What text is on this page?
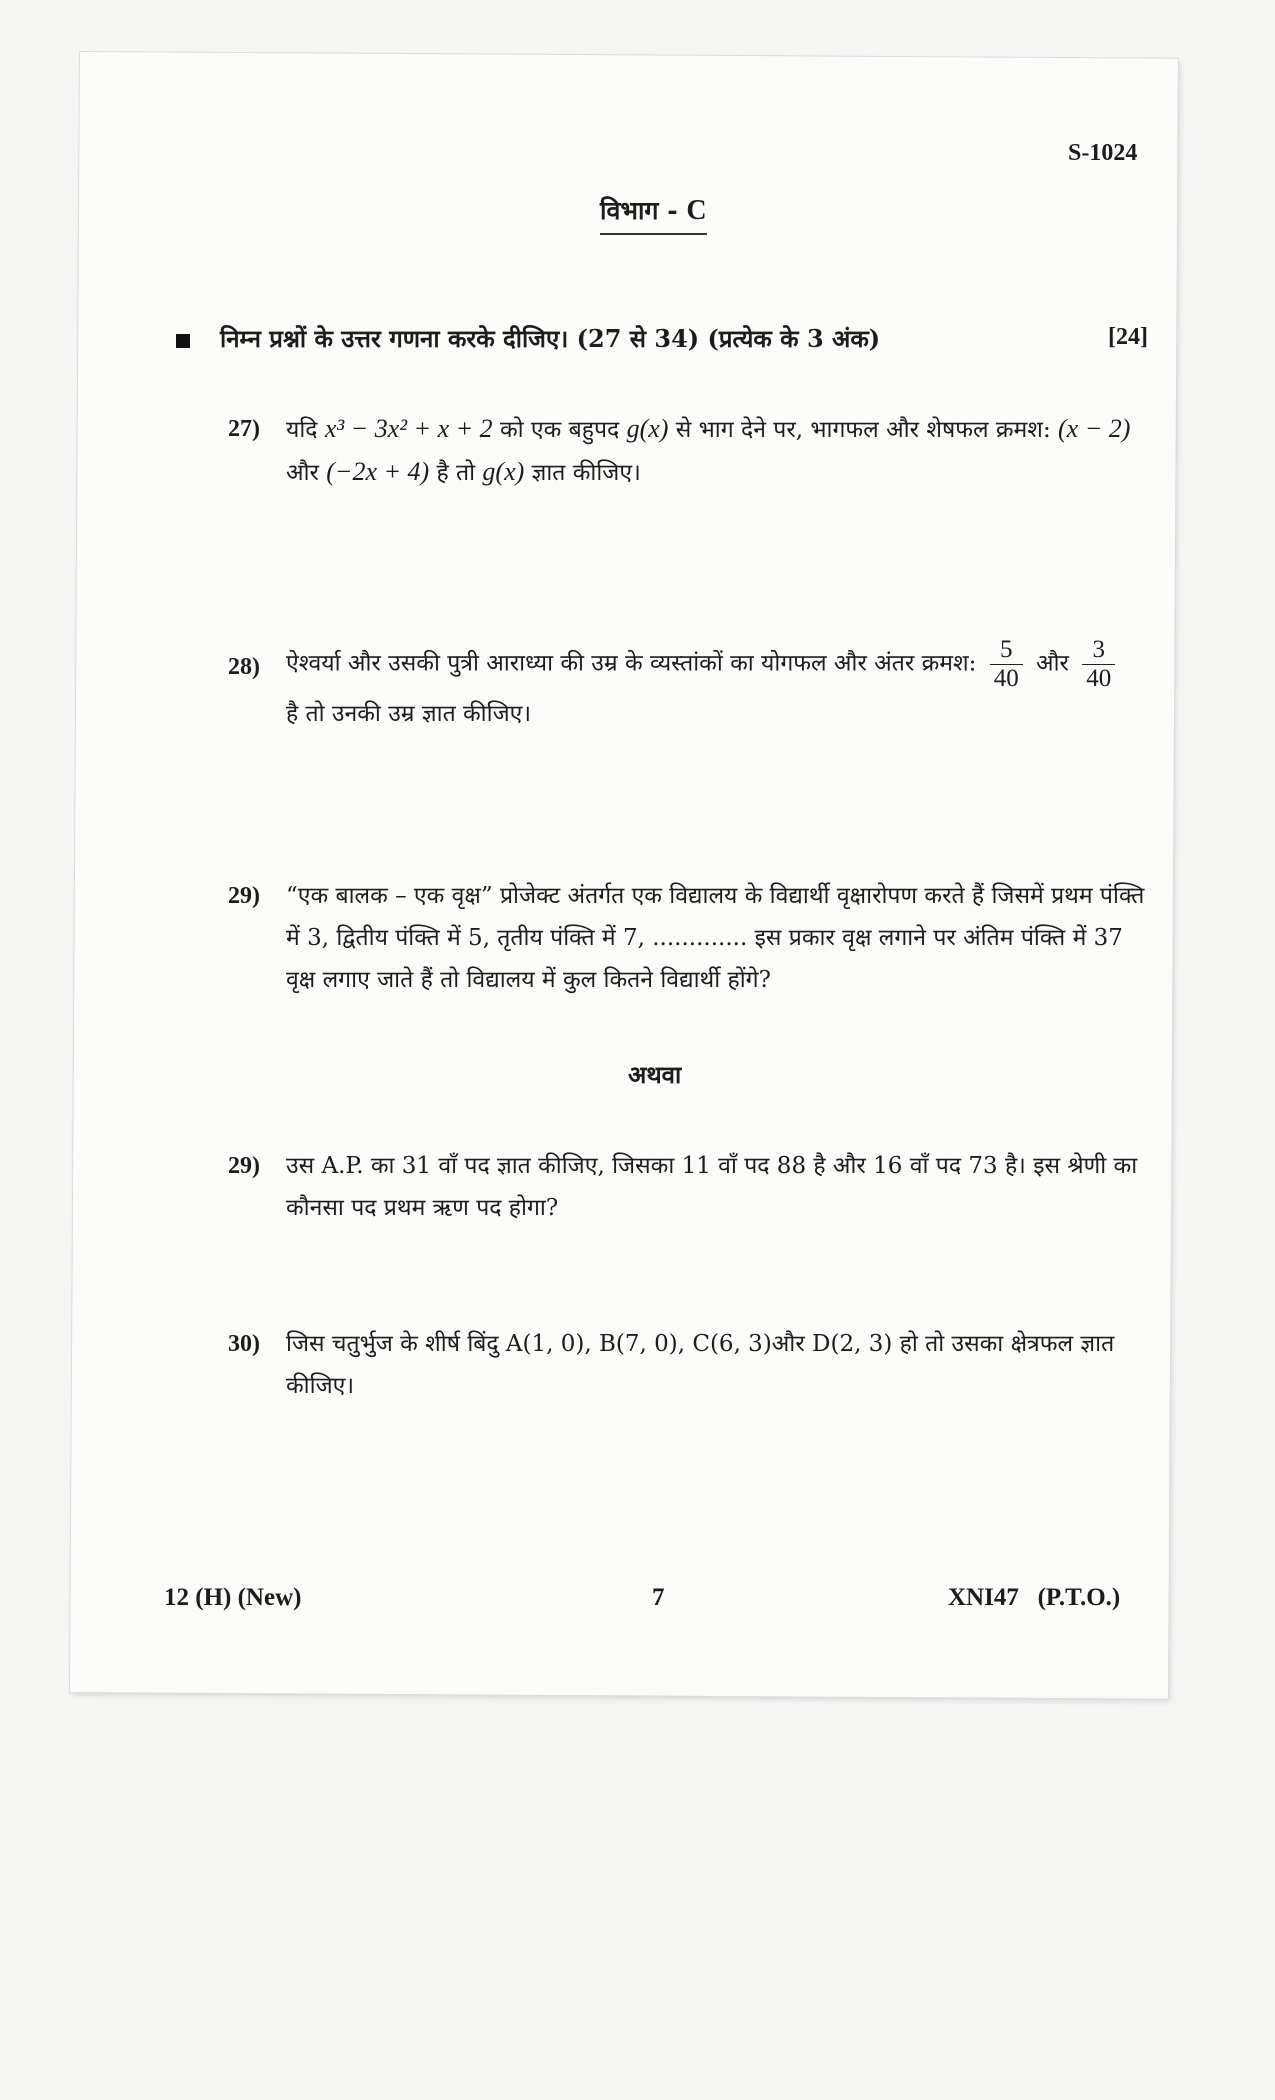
S-1024
विभाग - C
निम्न प्रश्नों के उत्तर गणना करके दीजिए। (27 से 34) (प्रत्येक के 3 अंक)	[24]
27) यदि x³ − 3x² + x + 2 को एक बहुपद g(x) से भाग देने पर, भागफल और शेषफल क्रमश: (x − 2)
और (−2x + 4) है तो g(x) ज्ञात कीजिए।
28) ऐश्वर्या और उसकी पुत्री आराध्या की उम्र के व्यस्तांकों का योगफल और अंतर क्रमश: $\frac{5}{40}$ और $\frac{3}{40}$
है तो उनकी उम्र ज्ञात कीजिए।
29) “एक बालक – एक वृक्ष” प्रोजेक्ट अंतर्गत एक विद्यालय के विद्यार्थी वृक्षारोपण करते हैं जिसमें प्रथम पंक्ति में 3, द्वितीय पंक्ति में 5, तृतीय पंक्ति में 7, ............. इस प्रकार वृक्ष लगाने पर अंतिम पंक्ति में 37 वृक्ष लगाए जाते हैं तो विद्यालय में कुल कितने विद्यार्थी होंगे?
अथवा
29) उस A.P. का 31 वाँ पद ज्ञात कीजिए, जिसका 11 वाँ पद 88 है और 16 वाँ पद 73 है। इस श्रेणी का कौनसा पद प्रथम ऋण पद होगा?
30) जिस चतुर्भुज के शीर्ष बिंदु A(1, 0), B(7, 0), C(6, 3)और D(2, 3) हो तो उसका क्षेत्रफल ज्ञात कीजिए।
12 (H) (New)	7	XNI47   (P.T.O.)
